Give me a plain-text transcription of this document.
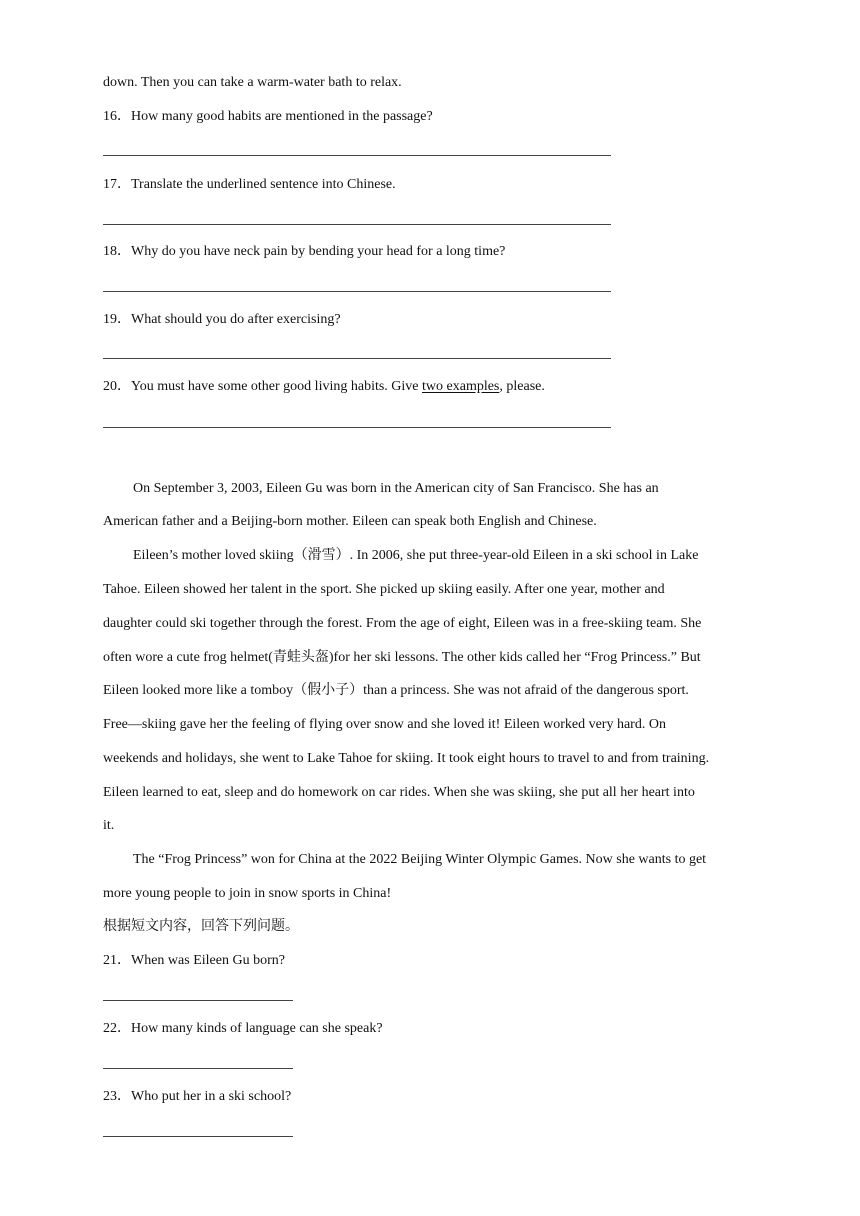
down. Then you can take a warm-water bath to relax.
16．How many good habits are mentioned in the passage?
17．Translate the underlined sentence into Chinese.
18．Why do you have neck pain by bending your head for a long time?
19．What should you do after exercising?
20．You must have some other good living habits. Give two examples, please.
On September 3, 2003, Eileen Gu was born in the American city of San Francisco. She has an
American father and a Beijing-born mother. Eileen can speak both English and Chinese.
Eileen’s mother loved skiing（滑雪）. In 2006, she put three-year-old Eileen in a ski school in Lake
Tahoe. Eileen showed her talent in the sport. She picked up skiing easily. After one year, mother and
daughter could ski together through the forest. From the age of eight, Eileen was in a free-skiing team. She
often wore a cute frog helmet(青蛙头盔)for her ski lessons. The other kids called her “Frog Princess.” But
Eileen looked more like a tomboy（假小子）than a princess. She was not afraid of the dangerous sport.
Free—skiing gave her the feeling of flying over snow and she loved it! Eileen worked very hard. On
weekends and holidays, she went to Lake Tahoe for skiing. It took eight hours to travel to and from training.
Eileen learned to eat, sleep and do homework on car rides. When she was skiing, she put all her heart into
it.
The “Frog Princess” won for China at the 2022 Beijing Winter Olympic Games. Now she wants to get
more young people to join in snow sports in China!
根据短文内容，回答下列问题。
21．When was Eileen Gu born?
22．How many kinds of language can she speak?
23．Who put her in a ski school?
